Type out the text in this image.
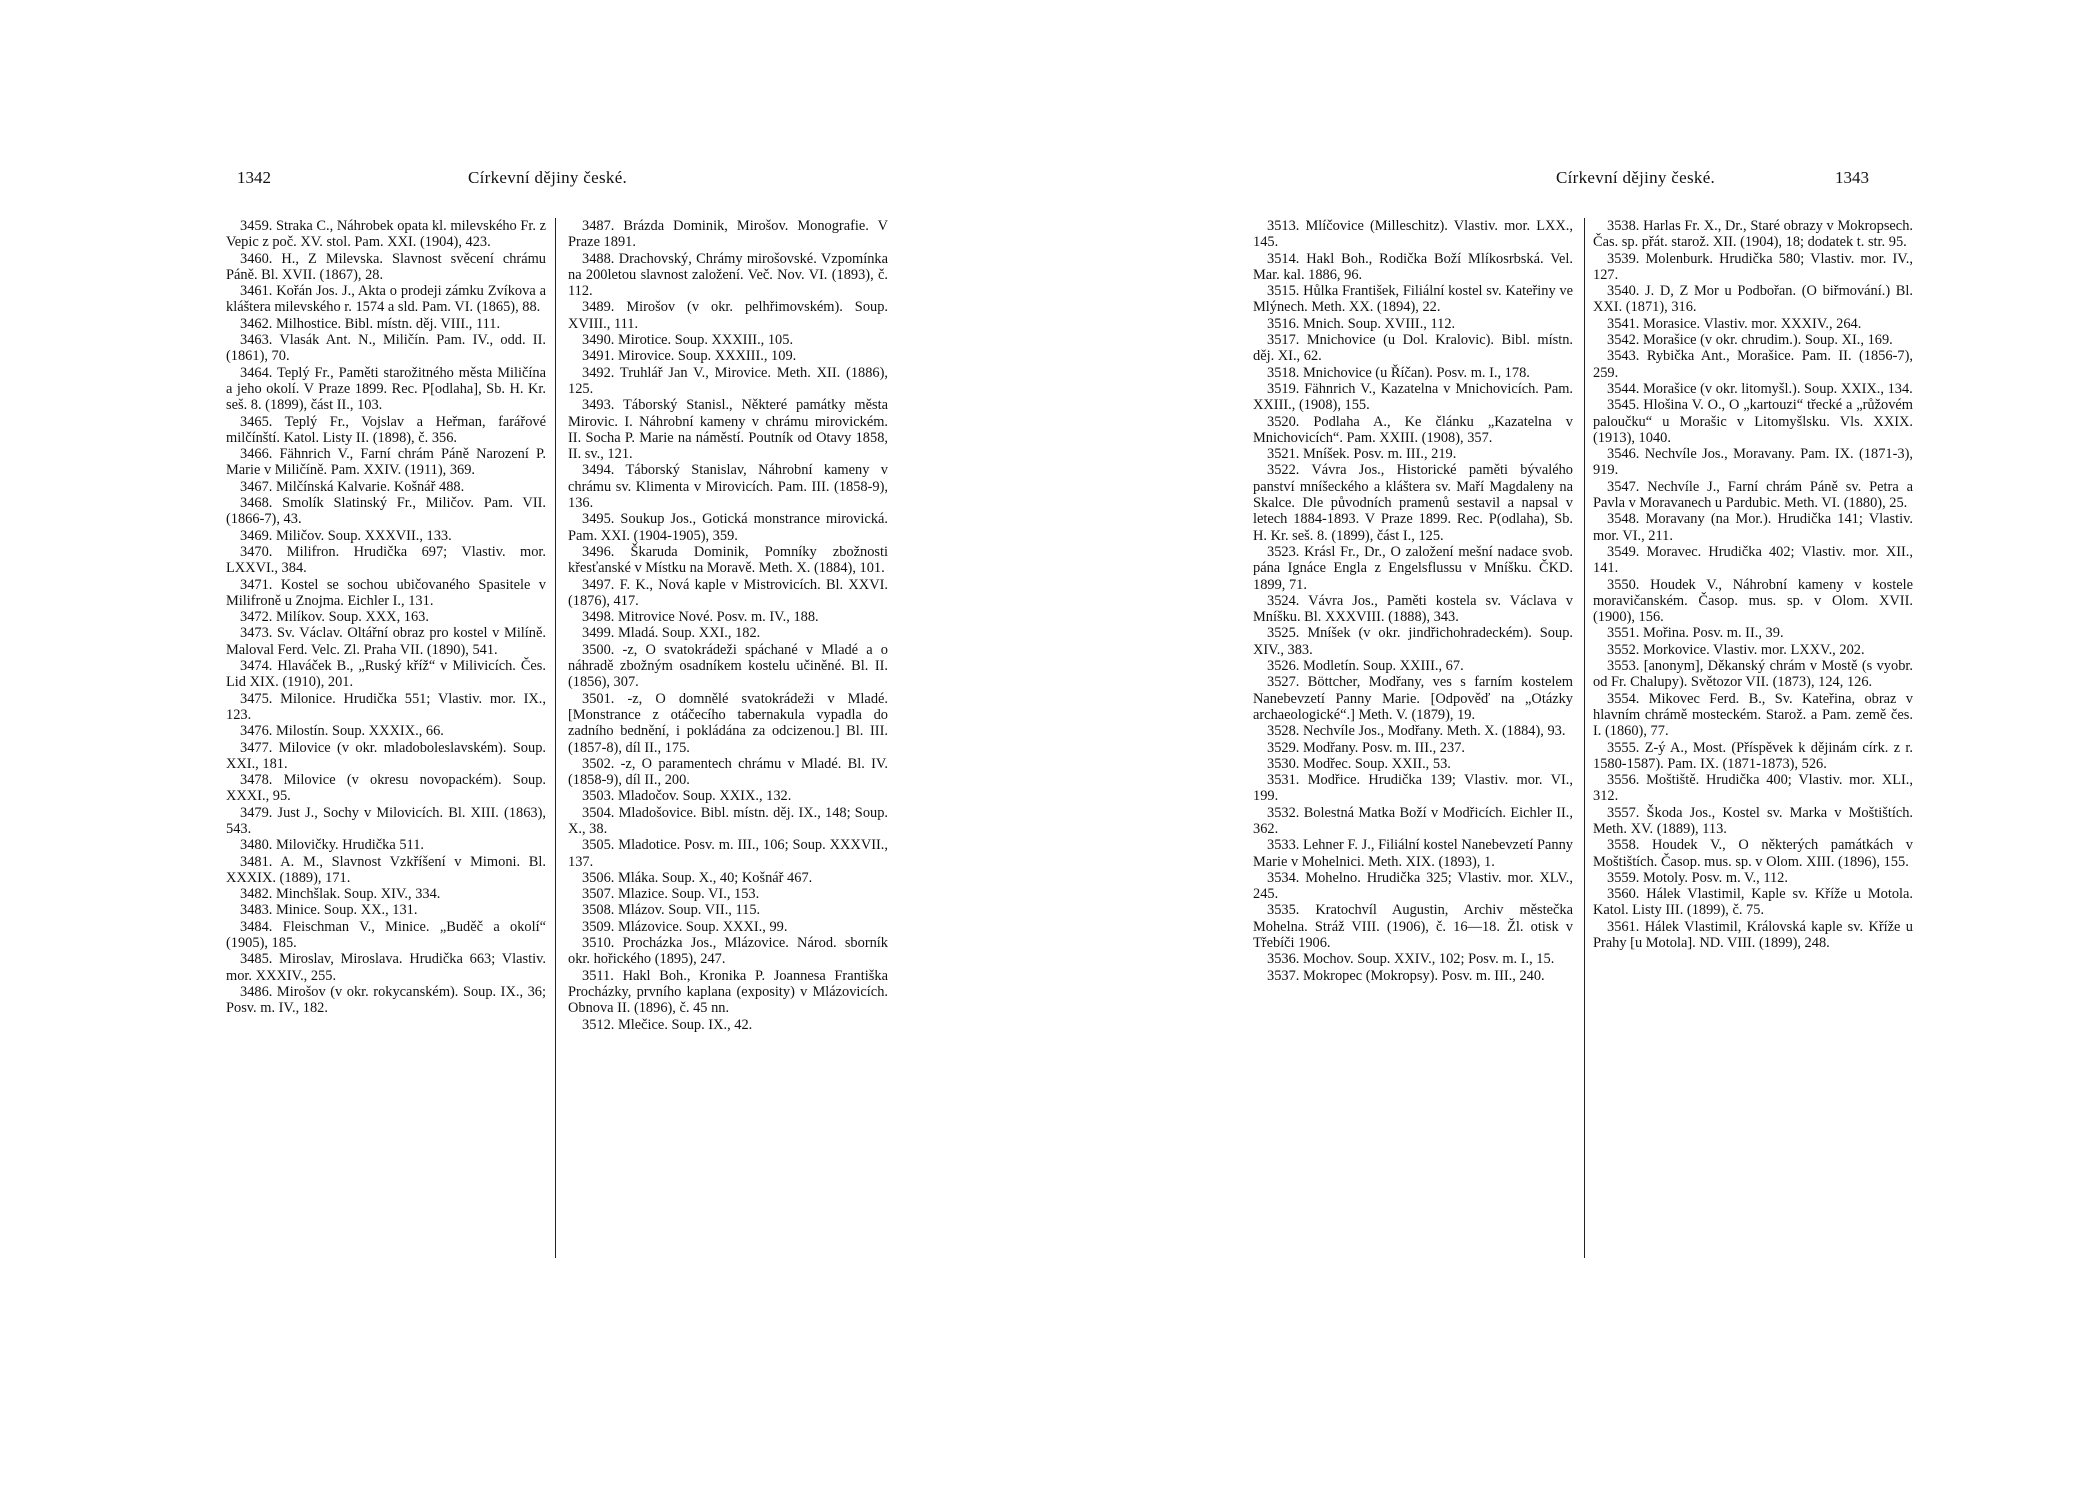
1342	Církevní dějiny české.

3459. Straka C., Náhrobek opata kl. milevského Fr. z Vepic z poč. XV. stol. Pam. XXI. (1904), 423.

3460. H., Z Milevska. Slavnost svěcení chrámu Páně. Bl. XVII. (1867), 28.

3461. Kořán Jos. J., Akta o prodeji zámku Zvíkova a kláštera milevského r. 1574 a sld. Pam. VI. (1865), 88.

3462. Milhostice. Bibl. místn. děj. VIII., 111.

3463. Vlasák Ant. N., Miličín. Pam. IV., odd. II. (1861), 70.

3464. Teplý Fr., Paměti starožitného města Miličína a jeho okolí. V Praze 1899. Rec. P[odlaha], Sb. H. Kr. seš. 8. (1899), část II., 103.

3465. Teplý Fr., Vojslav a Heřman, farářové milčínští. Katol. Listy II. (1898), č. 356.

3466. Fähnrich V., Farní chrám Páně Narození P. Marie v Miličíně. Pam. XXIV. (1911), 369.

3467. Milčínská Kalvarie. Košnář 488.

3468. Smolík Slatinský Fr., Miličov. Pam. VII. (1866-7), 43.

3469. Miličov. Soup. XXXVII., 133.

3470. Milifron. Hrudička 697; Vlastiv. mor. LXXVI., 384.

3471. Kostel se sochou ubičovaného Spasitele v Milifroně u Znojma. Eichler I., 131.

3472. Milíkov. Soup. XXX, 163.

3473. Sv. Václav. Oltářní obraz pro kostel v Milíně. Maloval Ferd. Velc. Zl. Praha VII. (1890), 541.

3474. Hlaváček B., „Ruský kříž“ v Milivicích. Čes. Lid XIX. (1910), 201.

3475. Milonice. Hrudička 551; Vlastiv. mor. IX., 123.

3476. Milostín. Soup. XXXIX., 66.

3477. Milovice (v okr. mladoboleslavském). Soup. XXI., 181.

3478. Milovice (v okresu novopackém). Soup. XXXI., 95.

3479. Just J., Sochy v Milovicích. Bl. XIII. (1863), 543.

3480. Milovičky. Hrudička 511.

3481. A. M., Slavnost Vzkříšení v Mimoni. Bl. XXXIX. (1889), 171.

3482. Minchšlak. Soup. XIV., 334.

3483. Minice. Soup. XX., 131.

3484. Fleischman V., Minice. „Buděč a okolí“ (1905), 185.

3485. Miroslav, Miroslava. Hrudička 663; Vlastiv. mor. XXXIV., 255.

3486. Mirošov (v okr. rokycanském). Soup. IX., 36; Posv. m. IV., 182.

3487. Brázda Dominik, Mirošov. Monografie. V Praze 1891.

3488. Drachovský, Chrámy mirošovské. Vzpomínka na 200letou slavnost založení. Več. Nov. VI. (1893), č. 112.

3489. Mirošov (v okr. pelhřimovském). Soup. XVIII., 111.

3490. Mirotice. Soup. XXXIII., 105.

3491. Mirovice. Soup. XXXIII., 109.

3492. Truhlář Jan V., Mirovice. Meth. XII. (1886), 125.

3493. Táborský Stanisl., Některé památky města Mirovic. I. Náhrobní kameny v chrámu mirovickém. II. Socha P. Marie na náměstí. Poutník od Otavy 1858, II. sv., 121.

3494. Táborský Stanislav, Náhrobní kameny v chrámu sv. Klimenta v Mirovicích. Pam. III. (1858-9), 136.

3495. Soukup Jos., Gotická monstrance mirovická. Pam. XXI. (1904-1905), 359.

3496. Škaruda Dominik, Pomníky zbožnosti křesťanské v Místku na Moravě. Meth. X. (1884), 101.

3497. F. K., Nová kaple v Mistrovicích. Bl. XXVI. (1876), 417.

3498. Mitrovice Nové. Posv. m. IV., 188.

3499. Mladá. Soup. XXI., 182.

3500. -z, O svatokrádeži spáchané v Mladé a o náhradě zbožným osadníkem kostelu učiněné. Bl. II. (1856), 307.

3501. -z, O domnělé svatokrádeži v Mladé. [Monstrance z otáčecího tabernakula vypadla do zadního bednění, i pokládána za odcizenou.] Bl. III. (1857-8), díl II., 175.

3502. -z, O paramentech chrámu v Mladé. Bl. IV. (1858-9), díl II., 200.

3503. Mladočov. Soup. XXIX., 132.

3504. Mladošovice. Bibl. místn. děj. IX., 148; Soup. X., 38.

3505. Mladotice. Posv. m. III., 106; Soup. XXXVII., 137.

3506. Mláka. Soup. X., 40; Košnář 467.

3507. Mlazice. Soup. VI., 153.

3508. Mlázov. Soup. VII., 115.

3509. Mlázovice. Soup. XXXI., 99.

3510. Procházka Jos., Mlázovice. Národ. sborník okr. hořického (1895), 247.

3511. Hakl Boh., Kronika P. Joannesa Františka Procházky, prvního kaplana (exposity) v Mlázovicích. Obnova II. (1896), č. 45 nn.

3512. Mlečice. Soup. IX., 42.

Církevní dějiny české.	1343

3513. Mlíčovice (Milleschitz). Vlastiv. mor. LXX., 145.

3514. Hakl Boh., Rodička Boží Mlíkosrbská. Vel. Mar. kal. 1886, 96.

3515. Hůlka František, Filiální kostel sv. Kateřiny ve Mlýnech. Meth. XX. (1894), 22.

3516. Mnich. Soup. XVIII., 112.

3517. Mnichovice (u Dol. Kralovic). Bibl. místn. děj. XI., 62.

3518. Mnichovice (u Říčan). Posv. m. I., 178.

3519. Fähnrich V., Kazatelna v Mnichovicích. Pam. XXIII., (1908), 155.

3520. Podlaha A., Ke článku „Kazatelna v Mnichovicích“. Pam. XXIII. (1908), 357.

3521. Mníšek. Posv. m. III., 219.

3522. Vávra Jos., Historické paměti bývalého panství mníšeckého a kláštera sv. Maří Magdaleny na Skalce. Dle původních pramenů sestavil a napsal v letech 1884-1893. V Praze 1899. Rec. P(odlaha), Sb. H. Kr. seš. 8. (1899), část I., 125.

3523. Krásl Fr., Dr., O založení mešní nadace svob. pána Ignáce Engla z Engelsflussu v Mníšku. ČKD. 1899, 71.

3524. Vávra Jos., Paměti kostela sv. Václava v Mníšku. Bl. XXXVIII. (1888), 343.

3525. Mníšek (v okr. jindřichohradeckém). Soup. XIV., 383.

3526. Modletín. Soup. XXIII., 67.

3527. Böttcher, Modřany, ves s farním kostelem Nanebevzetí Panny Marie. [Odpověď na „Otázky archaeologické“.] Meth. V. (1879), 19.

3528. Nechvíle Jos., Modřany. Meth. X. (1884), 93.

3529. Modřany. Posv. m. III., 237.

3530. Modřec. Soup. XXII., 53.

3531. Modřice. Hrudička 139; Vlastiv. mor. VI., 199.

3532. Bolestná Matka Boží v Modřicích. Eichler II., 362.

3533. Lehner F. J., Filiální kostel Nanebevzetí Panny Marie v Mohelnici. Meth. XIX. (1893), 1.

3534. Mohelno. Hrudička 325; Vlastiv. mor. XLV., 245.

3535. Kratochvíl Augustin, Archiv městečka Mohelna. Stráž VIII. (1906), č. 16—18. Z̆l. otisk v Třebíči 1906.

3536. Mochov. Soup. XXIV., 102; Posv. m. I., 15.

3537. Mokropec (Mokropsy). Posv. m. III., 240.

3538. Harlas Fr. X., Dr., Staré obrazy v Mokropsech. Čas. sp. přát. starož. XII. (1904), 18; dodatek t. str. 95.

3539. Molenburk. Hrudička 580; Vlastiv. mor. IV., 127.

3540. J. D, Z Mor u Podbořan. (O biřmování.) Bl. XXI. (1871), 316.

3541. Morasice. Vlastiv. mor. XXXIV., 264.

3542. Morašice (v okr. chrudim.). Soup. XI., 169.

3543. Rybička Ant., Morašice. Pam. II. (1856-7), 259.

3544. Morašice (v okr. litomyšl.). Soup. XXIX., 134.

3545. Hlošina V. O., O „kartouzi“ třecké a „růžovém paloučku“ u Morašic v Litomyšlsku. Vls. XXIX. (1913), 1040.

3546. Nechvíle Jos., Moravany. Pam. IX. (1871-3), 919.

3547. Nechvíle J., Farní chrám Páně sv. Petra a Pavla v Moravanech u Pardubic. Meth. VI. (1880), 25.

3548. Moravany (na Mor.). Hrudička 141; Vlastiv. mor. VI., 211.

3549. Moravec. Hrudička 402; Vlastiv. mor. XII., 141.

3550. Houdek V., Náhrobní kameny v kostele moravičanském. Časop. mus. sp. v Olom. XVII. (1900), 156.

3551. Mořina. Posv. m. II., 39.

3552. Morkovice. Vlastiv. mor. LXXV., 202.

3553. [anonym], Děkanský chrám v Mostě (s vyobr. od Fr. Chalupy). Světozor VII. (1873), 124, 126.

3554. Mikovec Ferd. B., Sv. Kateřina, obraz v hlavním chrámě mosteckém. Starož. a Pam. země čes. I. (1860), 77.

3555. Z-ý A., Most. (Příspěvek k dějinám círk. z r. 1580-1587). Pam. IX. (1871-1873), 526.

3556. Moštiště. Hrudička 400; Vlastiv. mor. XLI., 312.

3557. Škoda Jos., Kostel sv. Marka v Moštištích. Meth. XV. (1889), 113.

3558. Houdek V., O některých památkách v Moštištích. Časop. mus. sp. v Olom. XIII. (1896), 155.

3559. Motoly. Posv. m. V., 112.

3560. Hálek Vlastimil, Kaple sv. Kříže u Motola. Katol. Listy III. (1899), č. 75.

3561. Hálek Vlastimil, Královská kaple sv. Kříže u Prahy [u Motola]. ND. VIII. (1899), 248.
